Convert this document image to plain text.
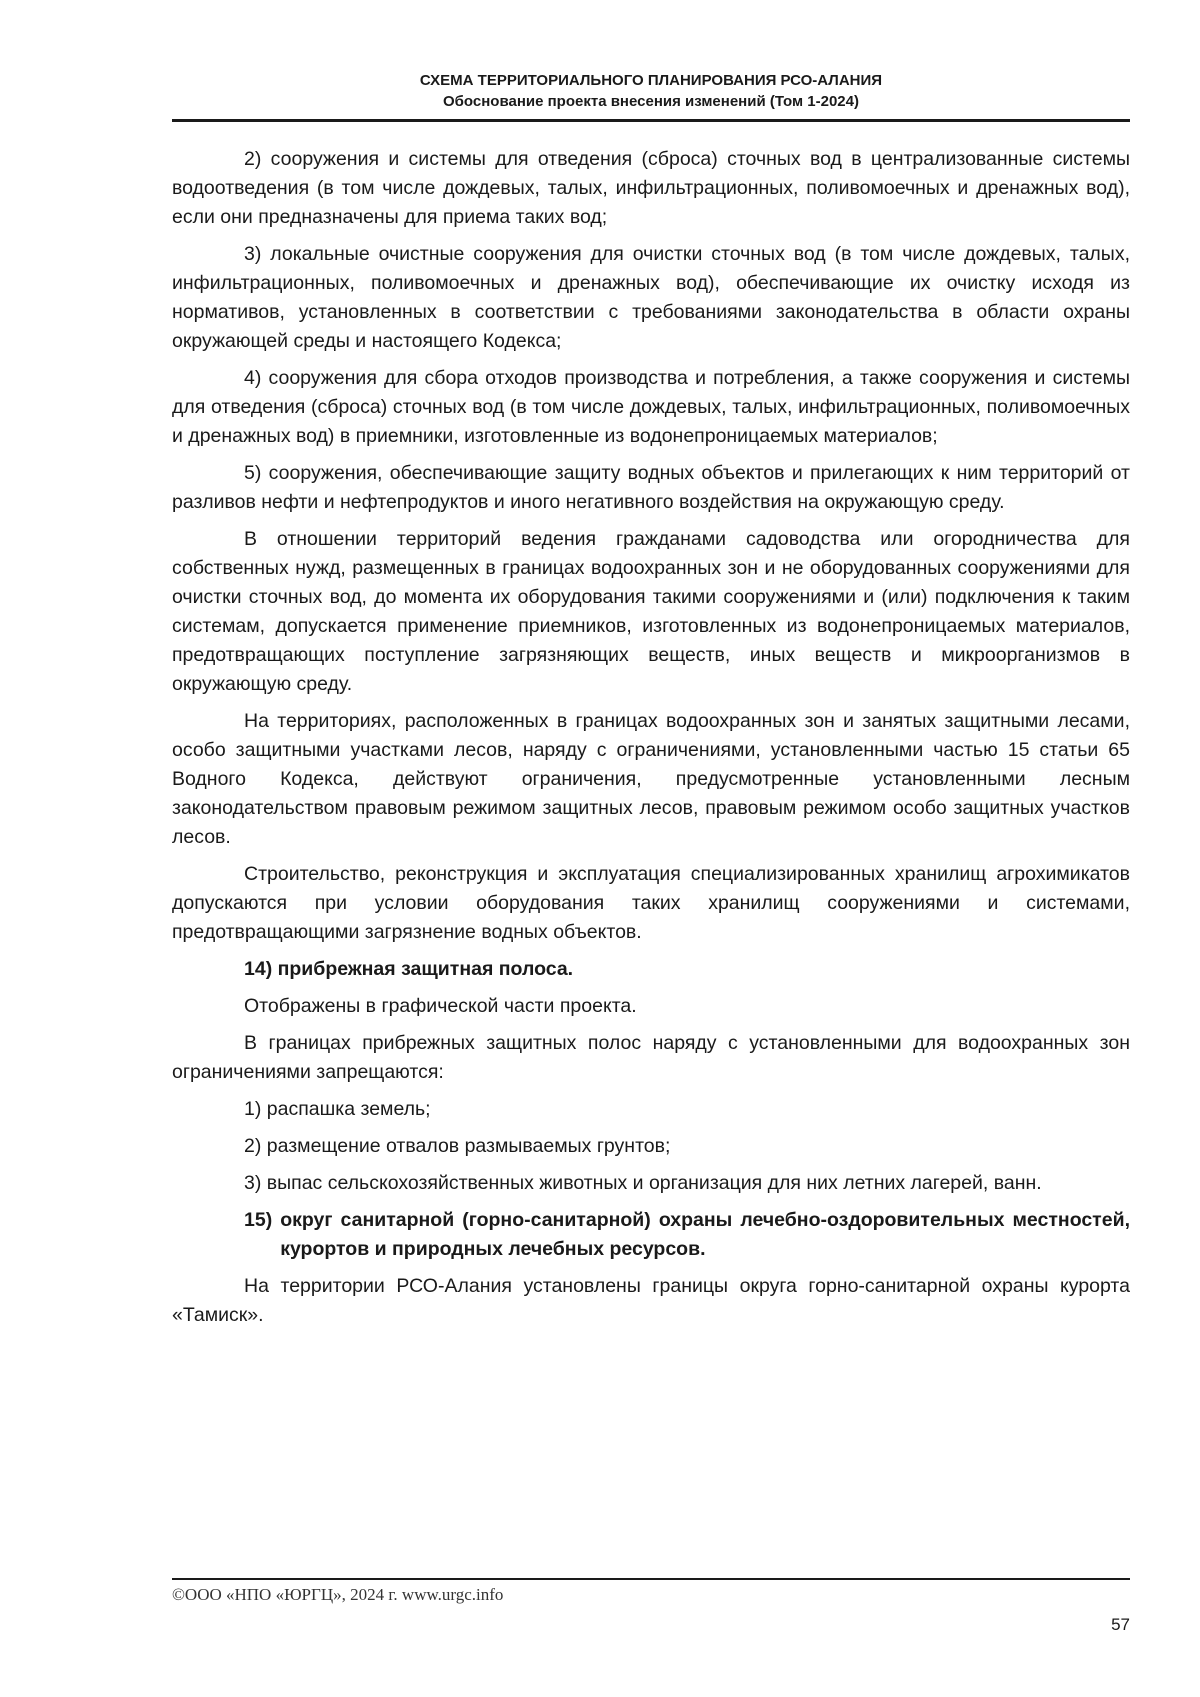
СХЕМА ТЕРРИТОРИАЛЬНОГО ПЛАНИРОВАНИЯ РСО-АЛАНИЯ
Обоснование проекта внесения изменений (Том 1-2024)

2) сооружения и системы для отведения (сброса) сточных вод в централизованные системы водоотведения (в том числе дождевых, талых, инфильтрационных, поливомоечных и дренажных вод), если они предназначены для приема таких вод;

3) локальные очистные сооружения для очистки сточных вод (в том числе дождевых, талых, инфильтрационных, поливомоечных и дренажных вод), обеспечивающие их очистку исходя из нормативов, установленных в соответствии с требованиями законодательства в области охраны окружающей среды и настоящего Кодекса;

4) сооружения для сбора отходов производства и потребления, а также сооружения и системы для отведения (сброса) сточных вод (в том числе дождевых, талых, инфильтрационных, поливомоечных и дренажных вод) в приемники, изготовленные из водонепроницаемых материалов;

5) сооружения, обеспечивающие защиту водных объектов и прилегающих к ним территорий от разливов нефти и нефтепродуктов и иного негативного воздействия на окружающую среду.

В отношении территорий ведения гражданами садоводства или огородничества для собственных нужд, размещенных в границах водоохранных зон и не оборудованных сооружениями для очистки сточных вод, до момента их оборудования такими сооружениями и (или) подключения к таким системам, допускается применение приемников, изготовленных из водонепроницаемых материалов, предотвращающих поступление загрязняющих веществ, иных веществ и микроорганизмов в окружающую среду.

На территориях, расположенных в границах водоохранных зон и занятых защитными лесами, особо защитными участками лесов, наряду с ограничениями, установленными частью 15 статьи 65 Водного Кодекса, действуют ограничения, предусмотренные установленными лесным законодательством правовым режимом защитных лесов, правовым режимом особо защитных участков лесов.

Строительство, реконструкция и эксплуатация специализированных хранилищ агрохимикатов допускаются при условии оборудования таких хранилищ сооружениями и системами, предотвращающими загрязнение водных объектов.

14) прибрежная защитная полоса.

Отображены в графической части проекта.

В границах прибрежных защитных полос наряду с установленными для водоохранных зон ограничениями запрещаются:

1) распашка земель;

2) размещение отвалов размываемых грунтов;

3) выпас сельскохозяйственных животных и организация для них летних лагерей, ванн.

15) округ санитарной (горно-санитарной) охраны лечебно-оздоровительных местностей, курортов и природных лечебных ресурсов.

На территории РСО-Алания установлены границы округа горно-санитарной охраны курорта «Тамиск».

©ООО «НПО «ЮРГЦ», 2024 г. www.urgc.info
57
